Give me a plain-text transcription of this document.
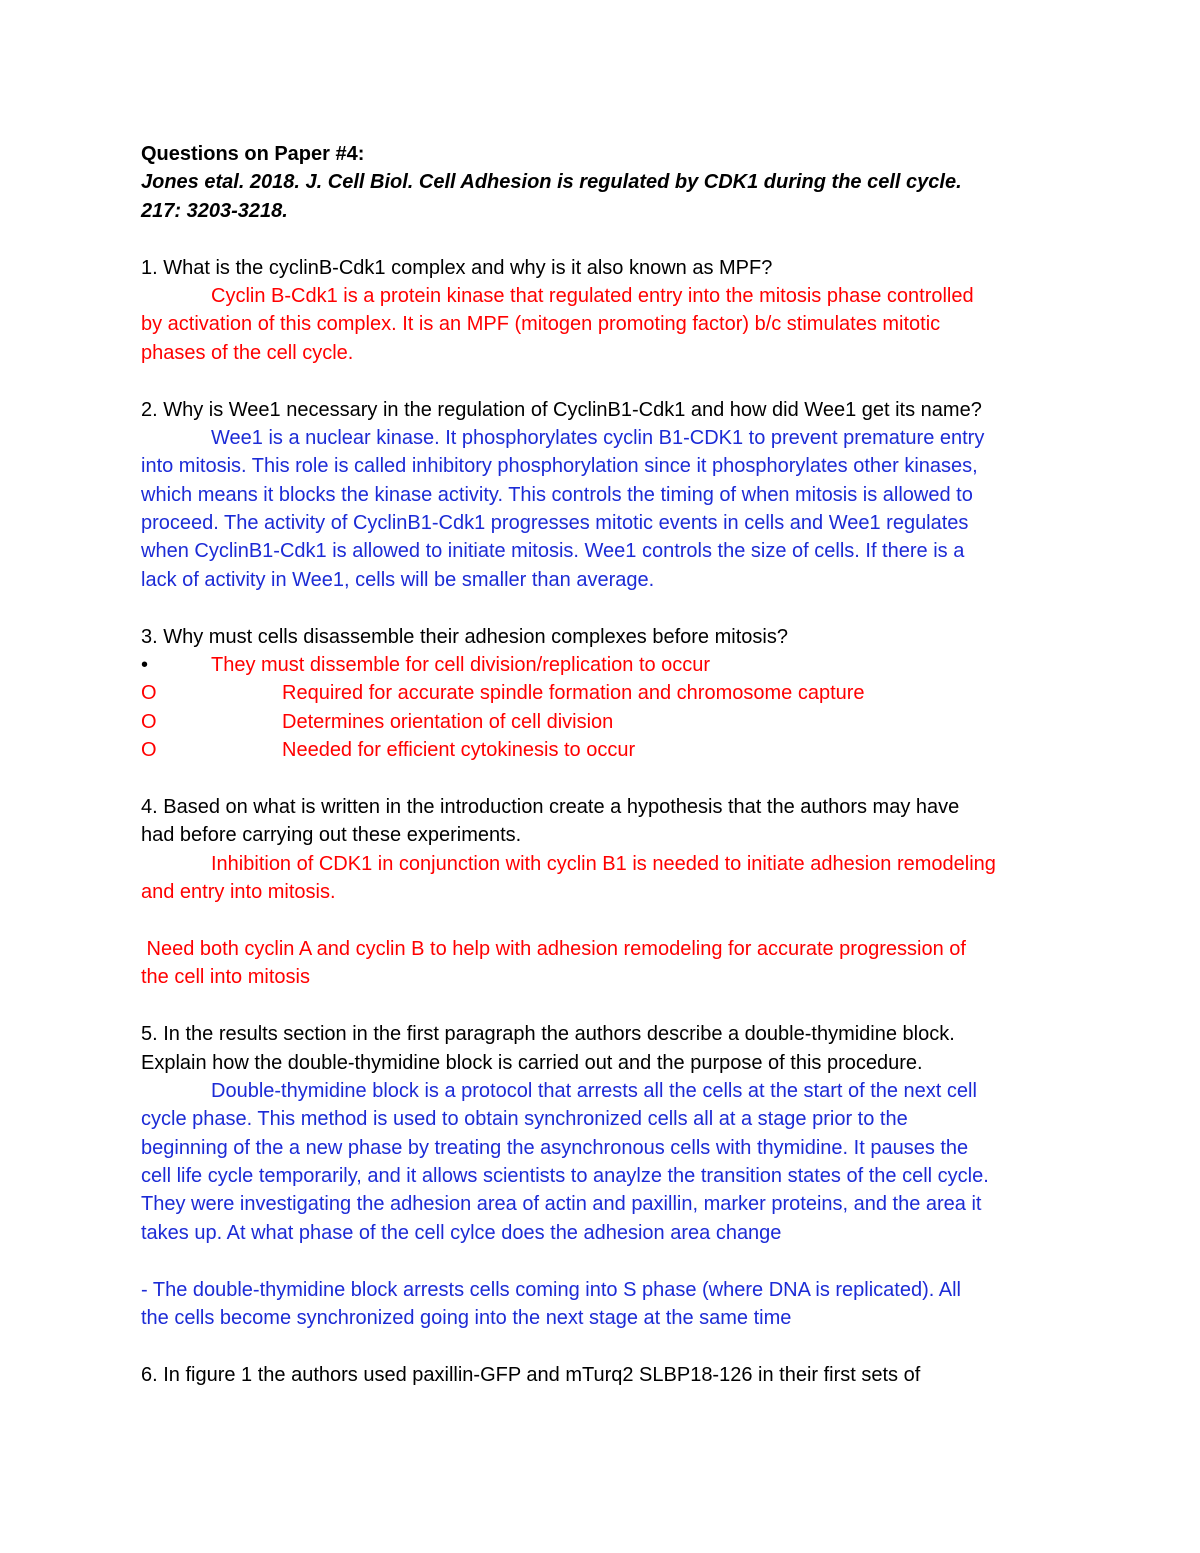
Questions on Paper #4:
Jones etal. 2018. J. Cell Biol. Cell Adhesion is regulated by CDK1 during the cell cycle.
217: 3203-3218.
1. What is the cyclinB-Cdk1 complex and why is it also known as MPF?
Cyclin B-Cdk1 is a protein kinase that regulated entry into the mitosis phase controlled
by activation of this complex. It is an MPF (mitogen promoting factor) b/c stimulates mitotic
phases of the cell cycle.
2. Why is Wee1 necessary in the regulation of CyclinB1-Cdk1 and how did Wee1 get its name?
Wee1 is a nuclear kinase. It phosphorylates cyclin B1-CDK1 to prevent premature entry
into mitosis. This role is called inhibitory phosphorylation since it phosphorylates other kinases,
which means it blocks the kinase activity. This controls the timing of when mitosis is allowed to
proceed. The activity of CyclinB1-Cdk1 progresses mitotic events in cells and Wee1 regulates
when CyclinB1-Cdk1 is allowed to initiate mitosis. Wee1 controls the size of cells. If there is a
lack of activity in Wee1, cells will be smaller than average.
3. Why must cells disassemble their adhesion complexes before mitosis?
•	They must dissemble for cell division/replication to occur
O	Required for accurate spindle formation and chromosome capture
O	Determines orientation of cell division
O	Needed for efficient cytokinesis to occur
4. Based on what is written in the introduction create a hypothesis that the authors may have
had before carrying out these experiments.
Inhibition of CDK1 in conjunction with cyclin B1 is needed to initiate adhesion remodeling
and entry into mitosis.
Need both cyclin A and cyclin B to help with adhesion remodeling for accurate progression of
the cell into mitosis
5. In the results section in the first paragraph the authors describe a double-thymidine block.
Explain how the double-thymidine block is carried out and the purpose of this procedure.
Double-thymidine block is a protocol that arrests all the cells at the start of the next cell
cycle phase. This method is used to obtain synchronized cells all at a stage prior to the
beginning of the a new phase by treating the asynchronous cells with thymidine. It pauses the
cell life cycle temporarily, and it allows scientists to anaylze the transition states of the cell cycle.
They were investigating the adhesion area of actin and paxillin, marker proteins, and the area it
takes up. At what phase of the cell cylce does the adhesion area change
- The double-thymidine block arrests cells coming into S phase (where DNA is replicated). All
the cells become synchronized going into the next stage at the same time
6. In figure 1 the authors used paxillin-GFP and mTurq2 SLBP18-126 in their first sets of
